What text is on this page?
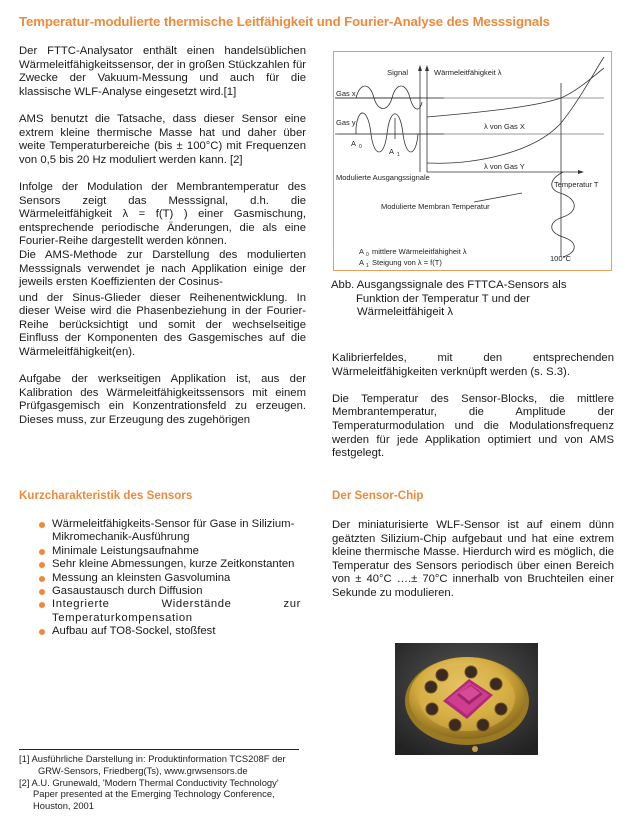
Temperatur-modulierte thermische Leitfähigkeit und Fourier-Analyse des Messsignals

Der FTTC-Analysator enthält einen handelsüblichen Wärmeleitfähigkeitssensor, der in großen Stückzahlen für Zwecke der Vakuum-Messung und auch für die klassische WLF-Analyse eingesetzt wird.[1]

AMS benutzt die Tatsache, dass dieser Sensor eine extrem kleine thermische Masse hat und daher über weite Temperaturbereiche (bis ± 100°C) mit Frequenzen von 0,5 bis 20 Hz moduliert werden kann. [2]

Infolge der Modulation der Membrantemperatur des Sensors zeigt das Messsignal, d.h. die Wärmeleitfähigkeit λ = f(T) ) einer Gasmischung, entsprechende periodische Änderungen, die als eine Fourier-Reihe dargestellt werden können.

Die AMS-Methode zur Darstellung des modulierten Messsignals verwendet je nach Applikation einige der jeweils ersten Koeffizienten der Cosinus-

und der Sinus-Glieder dieser Reihenentwicklung. In dieser Weise wird die Phasenbeziehung in der Fourier-Reihe berücksichtigt und somit der wechselseitige Einfluss der Komponenten des Gasgemisches auf die Wärmeleitfähigkeit(en).

Aufgabe der werkseitigen Applikation ist, aus der Kalibration des Wärmeleitfähigkeitssensors mit einem Prüfgasgemisch ein Konzentrationsfeld zu erzeugen. Dieses muss, zur Erzeugung des zugehörigen

Signal	Wärmeleitfähigkeit λ
Gas x
Gas y
A 0	A 1
λ von Gas X
λ von Gas Y
Modulierte Ausgangssignale
Temperatur T
Modulierte Membran Temperatur
A 0 mittlere Wärmeleitfähigheit λ
A 1 Steigung von λ = f(T)	100°C
Abb. Ausgangssignale des FTTCA-Sensors als
Funktion der Temperatur T und der
Wärmeleitfähigeit λ

Kalibrierfeldes, mit den entsprechenden Wärmeleitfähigkeiten verknüpft werden (s. S.3).

Die Temperatur des Sensor-Blocks, die mittlere Membrantemperatur, die Amplitude der Temperaturmodulation und die Modulationsfrequenz werden für jede Applikation optimiert und von AMS festgelegt.

Kurzcharakteristik des Sensors
Wärmeleitfähigkeits-Sensor für Gase in Silizium-Mikromechanik-Ausführung
Minimale Leistungsaufnahme
Sehr kleine Abmessungen, kurze Zeitkonstanten
Messung an kleinsten Gasvolumina
Gasaustausch durch Diffusion
Integrierte Widerstände zur Temperaturkompensation
Aufbau auf TO8-Sockel, stoßfest
Der Sensor-Chip

Der miniaturisierte WLF-Sensor ist auf einem dünn geätzten Silizium-Chip aufgebaut und hat eine extrem kleine thermische Masse. Hierdurch wird es möglich, die Temperatur des Sensors periodisch über einen Bereich von ± 40°C ….± 70°C innerhalb von Bruchteilen einer Sekunde zu modulieren.

[1] Ausführliche Darstellung in: Produktinformation TCS208F der
GRW-Sensors, Friedberg(Ts), www.grwsensors.de
[2] A.U. Grunewald, 'Modern Thermal Conductivity Technology'
Paper presented at the Emerging Technology Conference,
Houston, 2001
